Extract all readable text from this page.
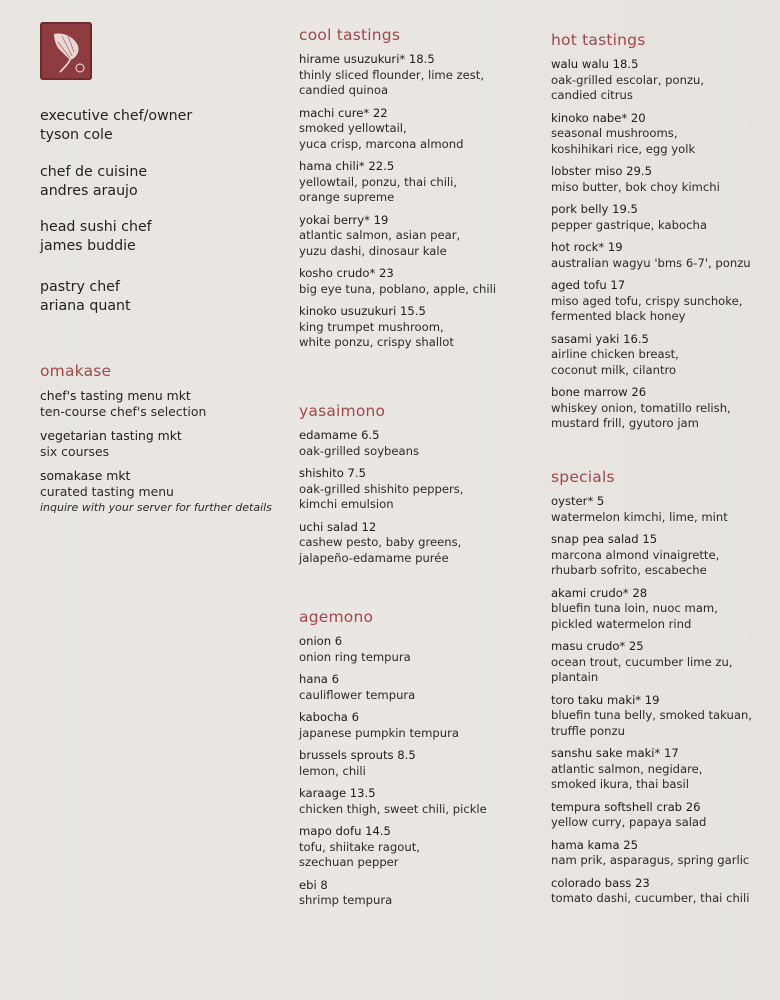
executive chef/owner
tyson cole
chef de cuisine
andres araujo
head sushi chef
james buddie
pastry chef
ariana quant
omakase
chef's tasting menu mkt
ten-course chef's selection
vegetarian tasting mkt
six courses
somakase mkt
curated tasting menu
inquire with your server for further details
cool tastings
hirame usuzukuri* 18.5
thinly sliced flounder, lime zest,
candied quinoa
machi cure* 22
smoked yellowtail,
yuca crisp, marcona almond
hama chili* 22.5
yellowtail, ponzu, thai chili,
orange supreme
yokai berry* 19
atlantic salmon, asian pear,
yuzu dashi, dinosaur kale
kosho crudo* 23
big eye tuna, poblano, apple, chili
kinoko usuzukuri 15.5
king trumpet mushroom,
white ponzu, crispy shallot
yasaimono
edamame 6.5
oak-grilled soybeans
shishito 7.5
oak-grilled shishito peppers,
kimchi emulsion
uchi salad 12
cashew pesto, baby greens,
jalapeño-edamame purée
agemono
onion 6
onion ring tempura
hana 6
cauliflower tempura
kabocha 6
japanese pumpkin tempura
brussels sprouts 8.5
lemon, chili
karaage 13.5
chicken thigh, sweet chili, pickle
mapo dofu 14.5
tofu, shiitake ragout,
szechuan pepper
ebi 8
shrimp tempura
hot tastings
walu walu 18.5
oak-grilled escolar, ponzu,
candied citrus
kinoko nabe* 20
seasonal mushrooms,
koshihikari rice, egg yolk
lobster miso 29.5
miso butter, bok choy kimchi
pork belly 19.5
pepper gastrique, kabocha
hot rock* 19
australian wagyu 'bms 6-7', ponzu
aged tofu 17
miso aged tofu, crispy sunchoke,
fermented black honey
sasami yaki 16.5
airline chicken breast,
coconut milk, cilantro
bone marrow 26
whiskey onion, tomatillo relish,
mustard frill, gyutoro jam
specials
oyster* 5
watermelon kimchi, lime, mint
snap pea salad 15
marcona almond vinaigrette,
rhubarb sofrito, escabeche
akami crudo* 28
bluefin tuna loin, nuoc mam,
pickled watermelon rind
masu crudo* 25
ocean trout, cucumber lime zu,
plantain
toro taku maki* 19
bluefin tuna belly, smoked takuan,
truffle ponzu
sanshu sake maki* 17
atlantic salmon, negidare,
smoked ikura, thai basil
tempura softshell crab 26
yellow curry, papaya salad
hama kama 25
nam prik, asparagus, spring garlic
colorado bass 23
tomato dashi, cucumber, thai chili
